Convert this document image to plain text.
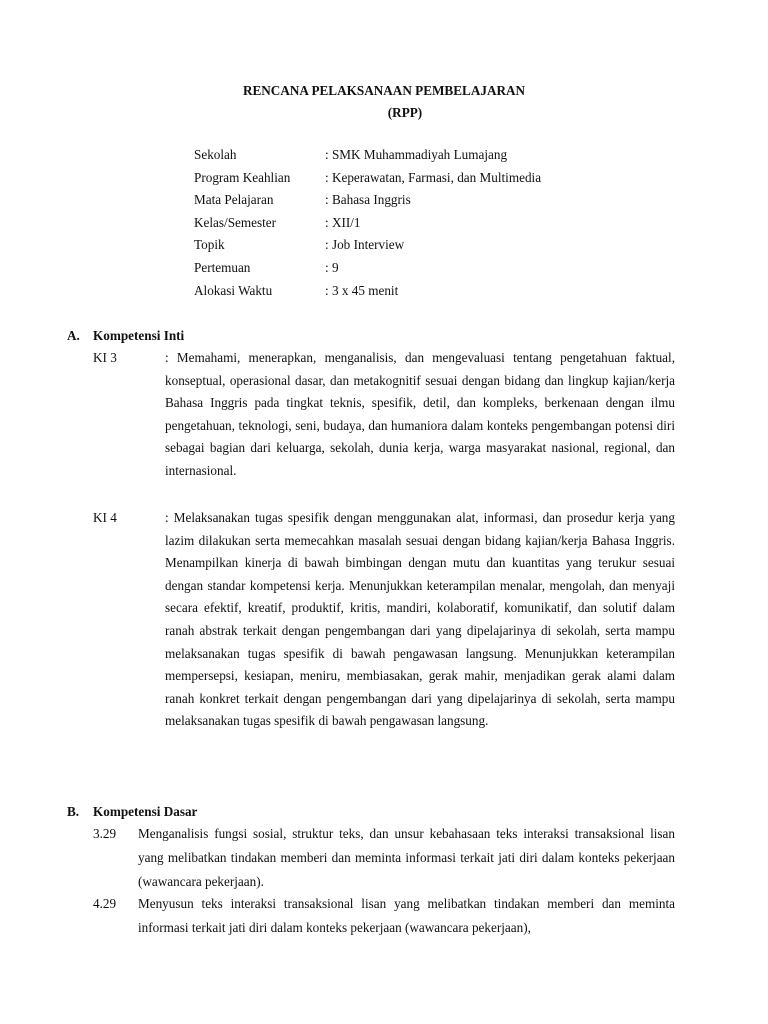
RENCANA PELAKSANAAN PEMBELAJARAN
(RPP)
Sekolah	: SMK Muhammadiyah Lumajang
Program Keahlian	: Keperawatan, Farmasi, dan Multimedia
Mata Pelajaran	: Bahasa Inggris
Kelas/Semester	: XII/1
Topik	: Job Interview
Pertemuan	: 9
Alokasi Waktu	: 3 x 45 menit
A. Kompetensi Inti
KI 3	: Memahami, menerapkan, menganalisis, dan mengevaluasi tentang pengetahuan faktual, konseptual, operasional dasar, dan metakognitif sesuai dengan bidang dan lingkup kajian/kerja Bahasa Inggris pada tingkat teknis, spesifik, detil, dan kompleks, berkenaan dengan ilmu pengetahuan, teknologi, seni, budaya, dan humaniora dalam konteks pengembangan potensi diri sebagai bagian dari keluarga, sekolah, dunia kerja, warga masyarakat nasional, regional, dan internasional.
KI 4	: Melaksanakan tugas spesifik dengan menggunakan alat, informasi, dan prosedur kerja yang lazim dilakukan serta memecahkan masalah sesuai dengan bidang kajian/kerja Bahasa Inggris. Menampilkan kinerja di bawah bimbingan dengan mutu dan kuantitas yang terukur sesuai dengan standar kompetensi kerja. Menunjukkan keterampilan menalar, mengolah, dan menyaji secara efektif, kreatif, produktif, kritis, mandiri, kolaboratif, komunikatif, dan solutif dalam ranah abstrak terkait dengan pengembangan dari yang dipelajarinya di sekolah, serta mampu melaksanakan tugas spesifik di bawah pengawasan langsung. Menunjukkan keterampilan mempersepsi, kesiapan, meniru, membiasakan, gerak mahir, menjadikan gerak alami dalam ranah konkret terkait dengan pengembangan dari yang dipelajarinya di sekolah, serta mampu melaksanakan tugas spesifik di bawah pengawasan langsung.
B. Kompetensi Dasar
3.29 Menganalisis fungsi sosial, struktur teks, dan unsur kebahasaan teks interaksi transaksional lisan yang melibatkan tindakan memberi dan meminta informasi terkait jati diri dalam konteks pekerjaan (wawancara pekerjaan).
4.29 Menyusun teks interaksi transaksional lisan yang melibatkan tindakan memberi dan meminta informasi terkait jati diri dalam konteks pekerjaan (wawancara pekerjaan),
